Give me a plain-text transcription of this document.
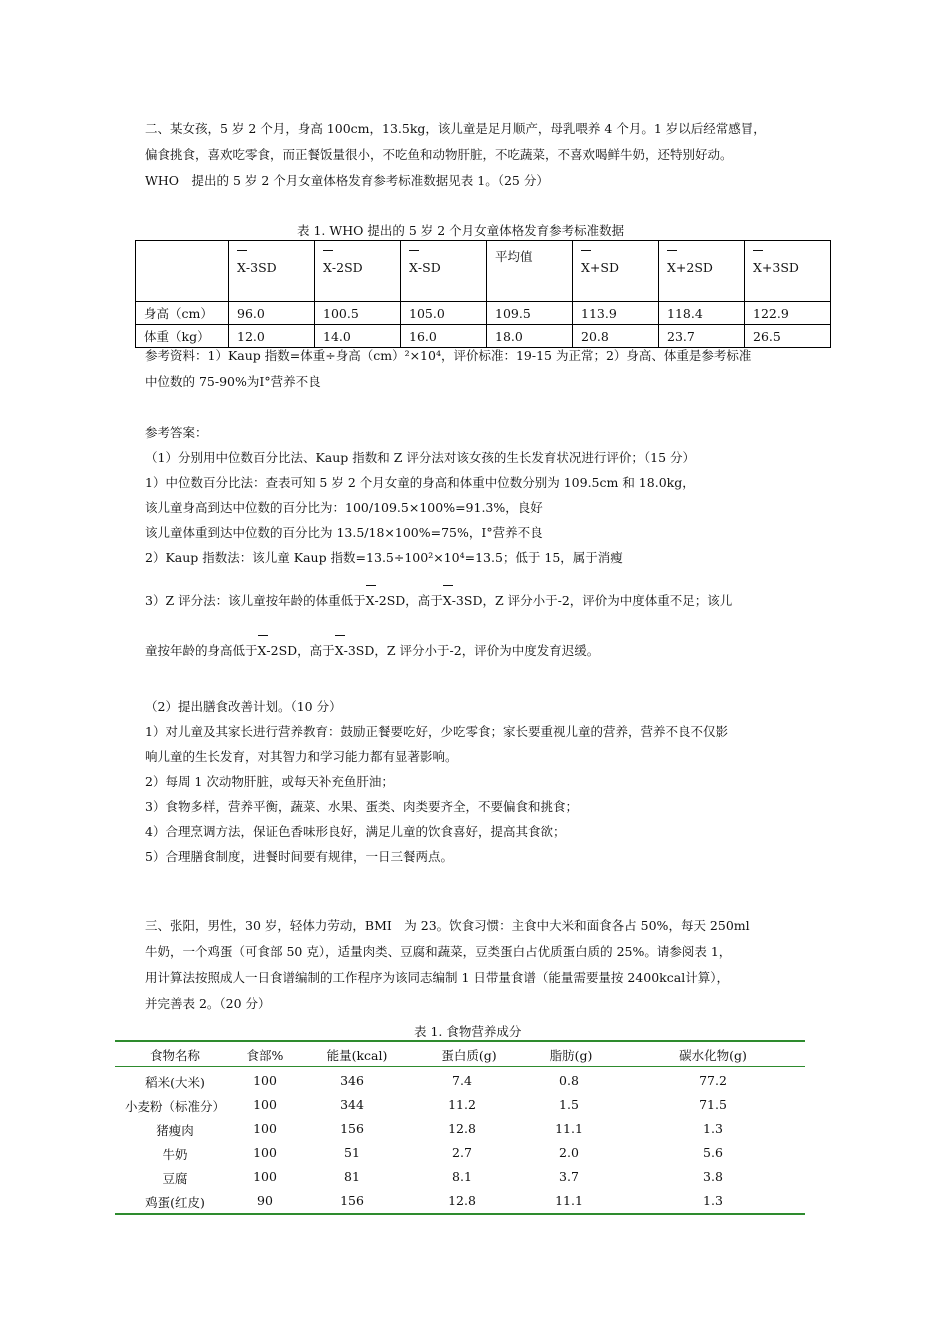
二、某女孩，5 岁 2 个月，身高 100cm，13.5kg，该儿童是足月顺产，母乳喂养 4 个月。1 岁以后经常感冒，
偏食挑食，喜欢吃零食，而正餐饭量很小，不吃鱼和动物肝脏，不吃蔬菜，不喜欢喝鲜牛奶，还特别好动。
WHO　提出的 5 岁 2 个月女童体格发育参考标准数据见表 1。（25 分）
表 1. WHO 提出的 5 岁 2 个月女童体格发育参考标准数据
	X-3SD	X-2SD	X-SD	平均值	X+SD	X+2SD	X+3SD
身高（cm）	96.0	100.5	105.0	109.5	113.9	118.4	122.9
体重（kg）	12.0	14.0	16.0	18.0	20.8	23.7	26.5
参考资料：1）Kaup 指数=体重÷身高（cm）²×10⁴，评价标准：19-15 为正常；2）身高、体重是参考标准
中位数的 75-90%为Ⅰ°营养不良
参考答案：
（1）分别用中位数百分比法、Kaup 指数和 Z 评分法对该女孩的生长发育状况进行评价；（15 分）
1）中位数百分比法：查表可知 5 岁 2 个月女童的身高和体重中位数分别为 109.5cm 和 18.0kg，
该儿童身高到达中位数的百分比为：100/109.5×100%=91.3%，良好
该儿童体重到达中位数的百分比为 13.5/18×100%=75%，Ⅰ°营养不良
2）Kaup 指数法：该儿童 Kaup 指数=13.5÷100²×10⁴=13.5；低于 15，属于消瘦
3）Z 评分法：该儿童按年龄的体重低于X-2SD，高于X-3SD，Z 评分小于-2，评价为中度体重不足；该儿
童按年龄的身高低于X-2SD，高于X-3SD，Z 评分小于-2，评价为中度发育迟缓。
（2）提出膳食改善计划。（10 分）
1）对儿童及其家长进行营养教育：鼓励正餐要吃好，少吃零食；家长要重视儿童的营养，营养不良不仅影
响儿童的生长发育，对其智力和学习能力都有显著影响。
2）每周 1 次动物肝脏，或每天补充鱼肝油；
3）食物多样，营养平衡，蔬菜、水果、蛋类、肉类要齐全，不要偏食和挑食；
4）合理烹调方法，保证色香味形良好，满足儿童的饮食喜好，提高其食欲；
5）合理膳食制度，进餐时间要有规律，一日三餐两点。
三、张阳，男性，30 岁，轻体力劳动，BMI　为 23。饮食习惯：主食中大米和面食各占 50%，每天 250ml
牛奶，一个鸡蛋（可食部 50 克），适量肉类、豆腐和蔬菜，豆类蛋白占优质蛋白质的 25%。请参阅表 1，
用计算法按照成人一日食谱编制的工作程序为该同志编制 1 日带量食谱（能量需要量按 2400kcal计算），
并完善表 2。（20 分）
表 1. 食物营养成分
食物名称	食部%	能量(kcal)	蛋白质(g)	脂肪(g)	碳水化物(g)
稻米(大米)	100	346	7.4	0.8	77.2
小麦粉（标准分） 100	344	11.2	1.5	71.5
猪瘦肉	100	156	12.8	11.1	1.3
牛奶	100	51	2.7	2.0	5.6
豆腐	100	81	8.1	3.7	3.8
鸡蛋(红皮)	90	156	12.8	11.1	1.3
